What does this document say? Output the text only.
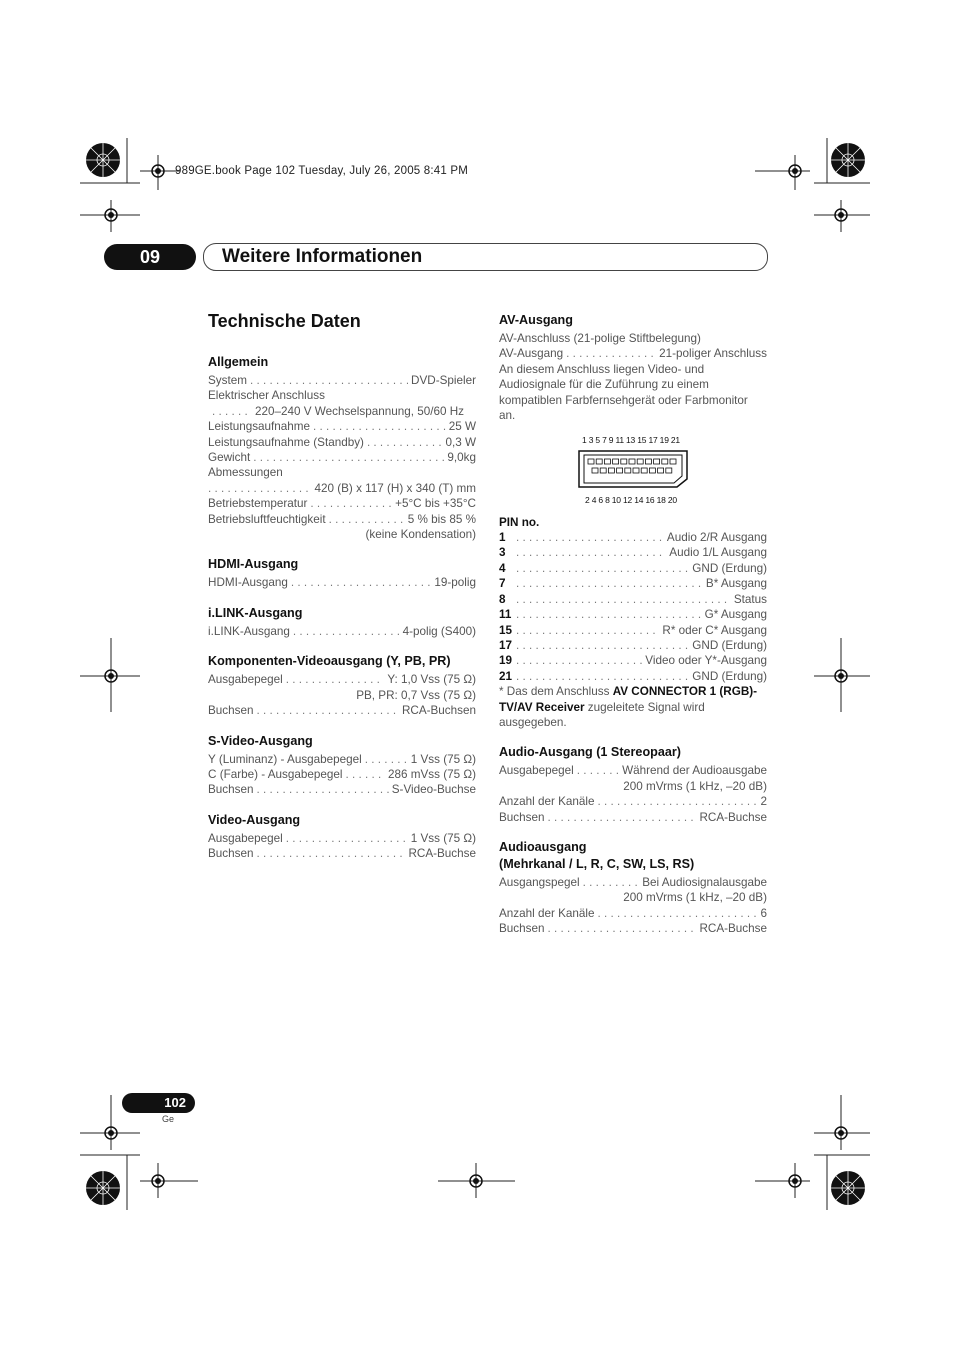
989GE.book Page 102 Tuesday, July 26, 2005 8:41 PM
09	Weitere Informationen
Technische Daten
Allgemein
System . . .	DVD-Spieler
Elektrischer Anschluss
. . .
220–240 V Wechselspannung, 50/60 Hz
Leistungsaufnahme . . .	25 W
Leistungsaufnahme (Standby) . . .	0,3 W
Gewicht . . .	9,0kg
Abmessungen
. . .
420 (B) x 117 (H) x 340 (T) mm
Betriebstemperatur . . .	+5°C bis +35°C
Betriebsluftfeuchtigkeit . . .	5 % bis 85 %
(keine Kondensation)
HDMI-Ausgang
HDMI-Ausgang . . .	19-polig
i.LINK-Ausgang
i.LINK-Ausgang . . .	4-polig (S400)
Komponenten-Videoausgang (Y, PB, PR)
Ausgabepegel . . .	Y: 1,0 Vss (75 Ω)
PB, PR: 0,7 Vss (75 Ω)
Buchsen . . .	RCA-Buchsen
S-Video-Ausgang
Y (Luminanz) - Ausgabepegel . . .	1 Vss (75 Ω)
C (Farbe) - Ausgabepegel . . .	286 mVss (75 Ω)
Buchsen . . .	S-Video-Buchse
Video-Ausgang
Ausgabepegel . . .	1 Vss (75 Ω)
Buchsen . . .	RCA-Buchse
AV-Ausgang
AV-Anschluss (21-polige Stiftbelegung)
AV-Ausgang . . .	21-poliger Anschluss
An diesem Anschluss liegen Video- und Audiosignale für die Zuführung zu einem kompatiblen Farbfernsehgerät oder Farbmonitor an.
1 3 5 7 9 11 13 15 17 19 21
2 4 6 8 10 12 14 16 18 20
PIN no.
1 . . .	Audio 2/R Ausgang
3 . . .	Audio 1/L Ausgang
4 . . .	GND (Erdung)
7 . . .	B* Ausgang
8 . . .	Status
11 . . .	G* Ausgang
15 . . .	R* oder C* Ausgang
17 . . .	GND (Erdung)
19 . . .	Video oder Y*-Ausgang
21 . . .	GND (Erdung)
* Das dem Anschluss AV CONNECTOR 1 (RGB)-TV/AV Receiver zugeleitete Signal wird ausgegeben.
Audio-Ausgang (1 Stereopaar)
Ausgabepegel . . .	Während der Audioausgabe
200 mVrms (1 kHz, –20 dB)
Anzahl der Kanäle . . .	2
Buchsen . . .	RCA-Buchse
Audioausgang
(Mehrkanal / L, R, C, SW, LS, RS)
Ausgangspegel . . .	Bei Audiosignalausgabe
200 mVrms (1 kHz, –20 dB)
Anzahl der Kanäle . . .	6
Buchsen . . .	RCA-Buchse
102
Ge
